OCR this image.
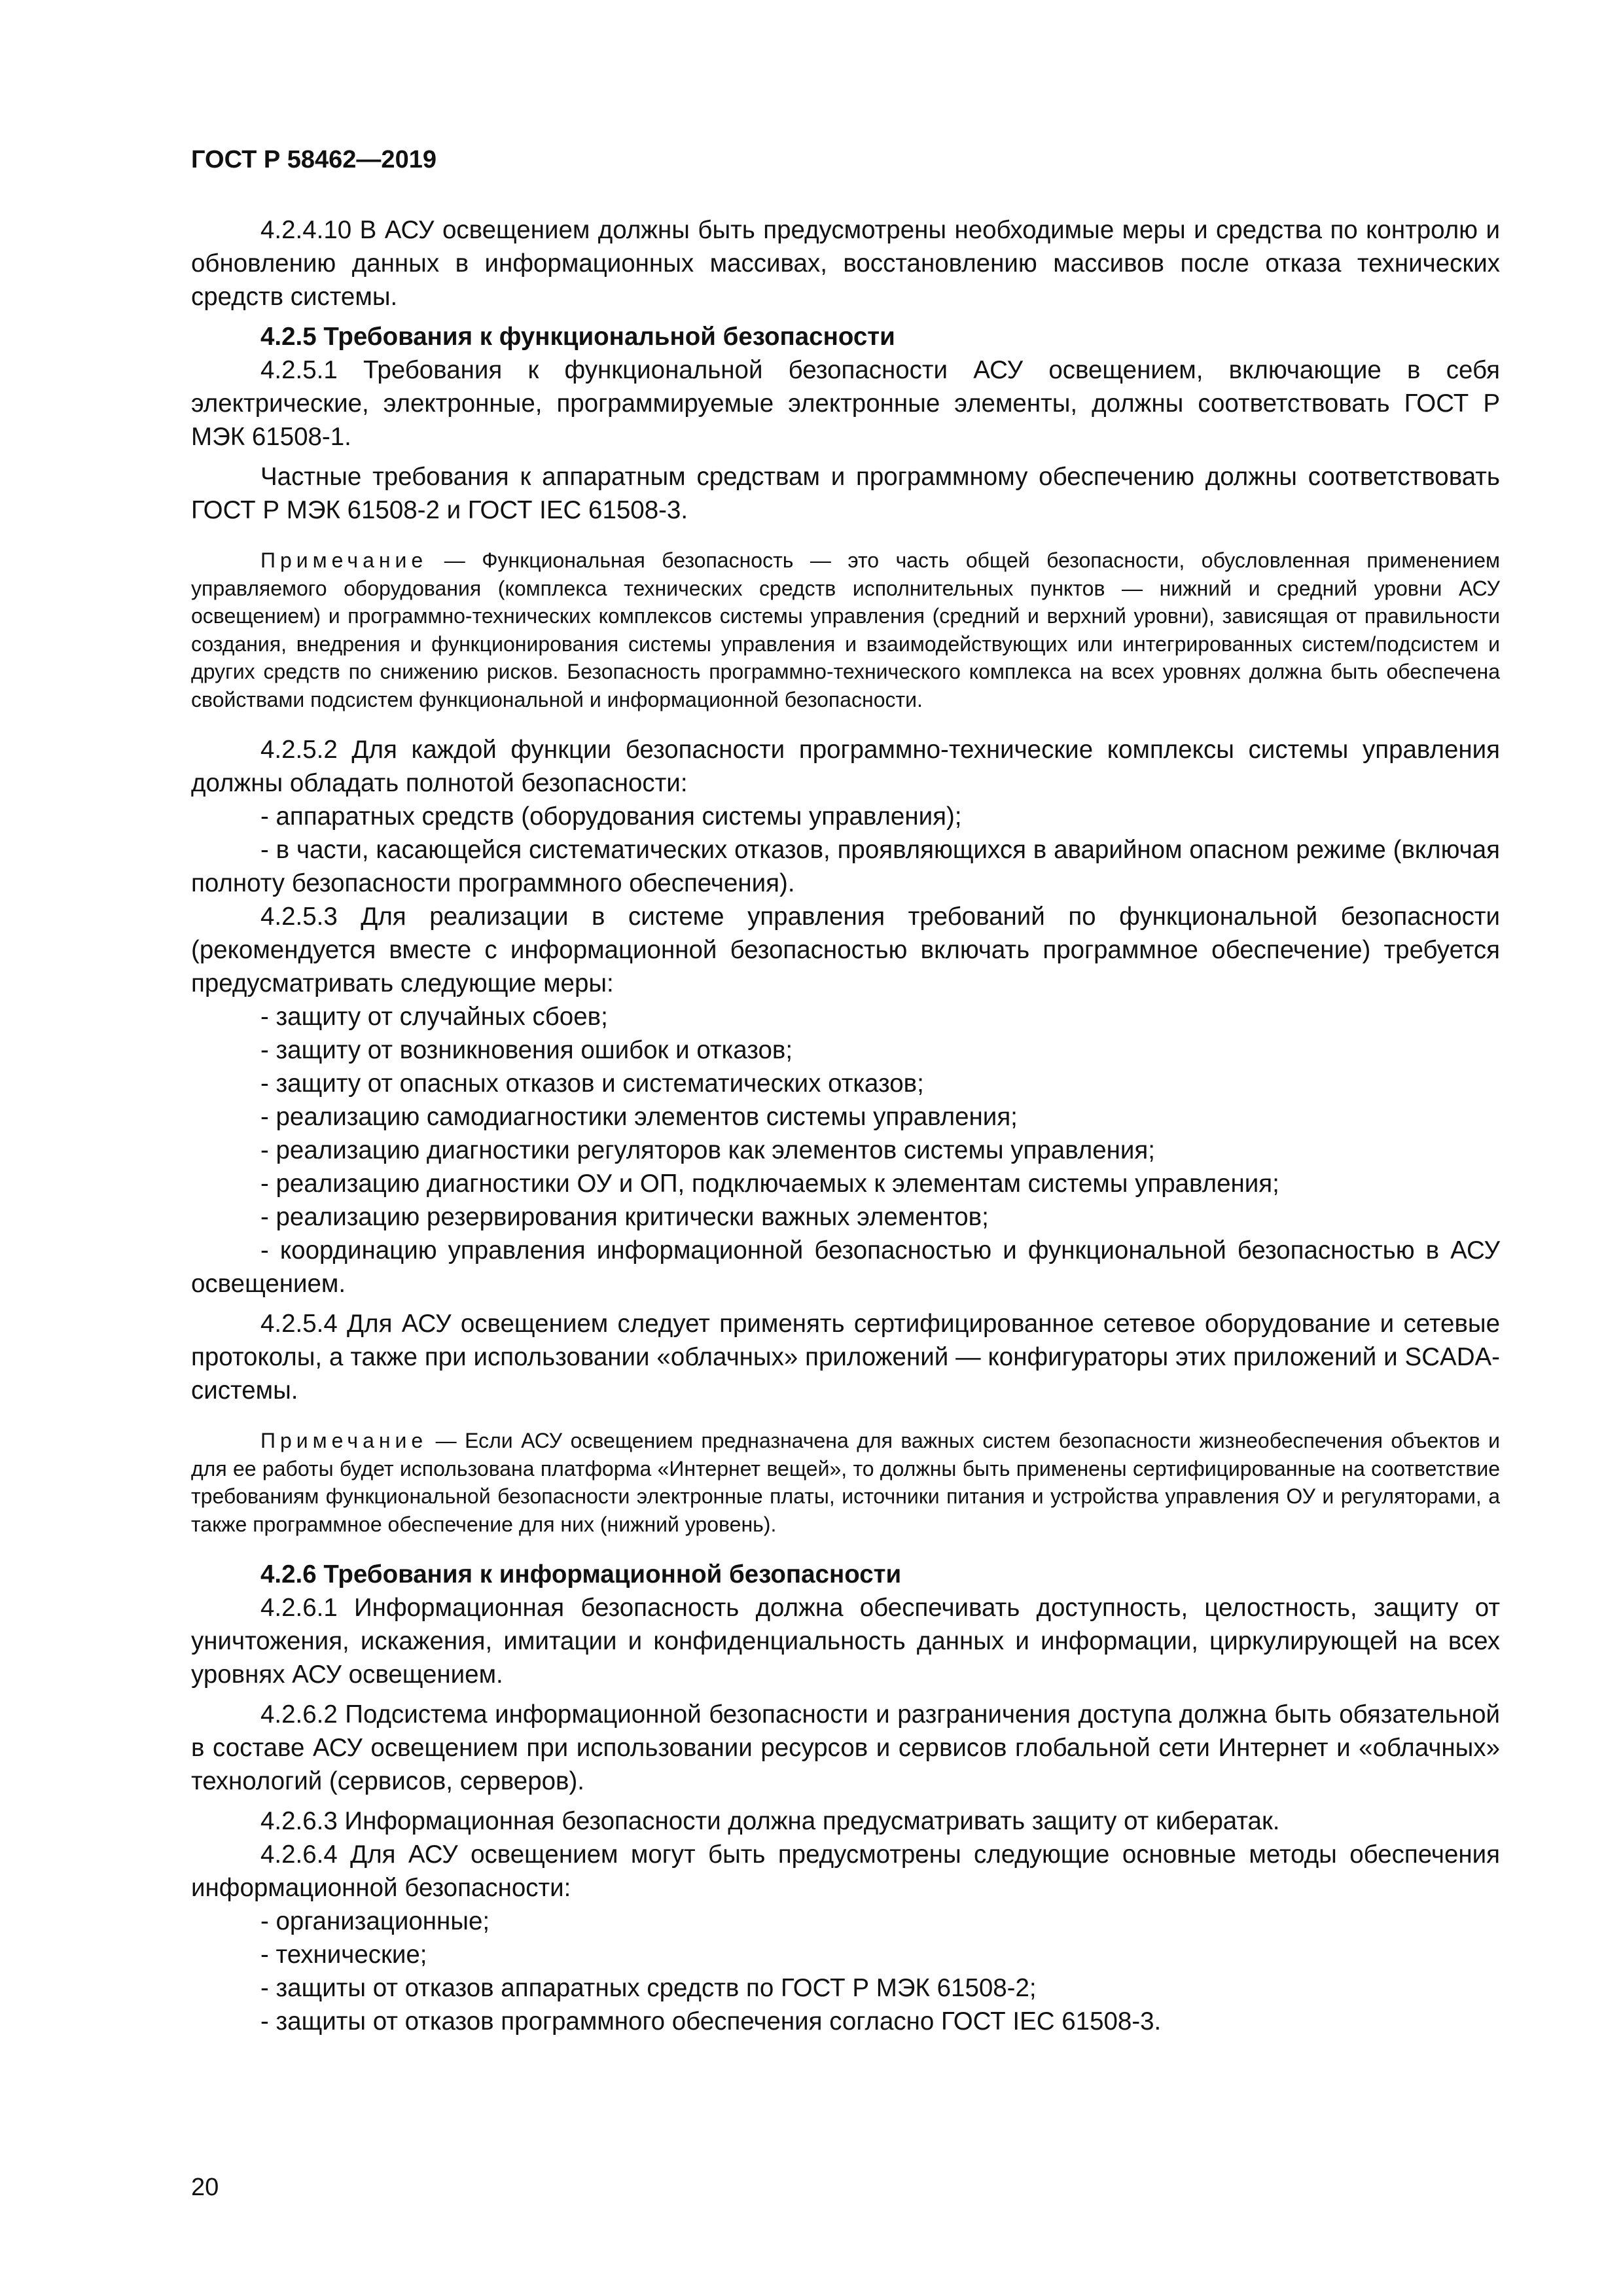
ГОСТ Р 58462—2019

4.2.4.10 В АСУ освещением должны быть предусмотрены необходимые меры и средства по контролю и обновлению данных в информационных массивах, восстановлению массивов после отказа технических средств системы.

4.2.5 Требования к функциональной безопасности

4.2.5.1 Требования к функциональной безопасности АСУ освещением, включающие в себя электрические, электронные, программируемые электронные элементы, должны соответствовать ГОСТ Р МЭК 61508-1.

Частные требования к аппаратным средствам и программному обеспечению должны соответствовать ГОСТ Р МЭК 61508-2 и ГОСТ IEC 61508-3.

Примечание — Функциональная безопасность — это часть общей безопасности, обусловленная применением управляемого оборудования (комплекса технических средств исполнительных пунктов — нижний и средний уровни АСУ освещением) и программно-технических комплексов системы управления (средний и верхний уровни), зависящая от правильности создания, внедрения и функционирования системы управления и взаимодействующих или интегрированных систем/подсистем и других средств по снижению рисков. Безопасность программно-технического комплекса на всех уровнях должна быть обеспечена свойствами подсистем функциональной и информационной безопасности.

4.2.5.2 Для каждой функции безопасности программно-технические комплексы системы управления должны обладать полнотой безопасности:

- аппаратных средств (оборудования системы управления);

- в части, касающейся систематических отказов, проявляющихся в аварийном опасном режиме (включая полноту безопасности программного обеспечения).

4.2.5.3 Для реализации в системе управления требований по функциональной безопасности (рекомендуется вместе с информационной безопасностью включать программное обеспечение) требуется предусматривать следующие меры:

- защиту от случайных сбоев;

- защиту от возникновения ошибок и отказов;

- защиту от опасных отказов и систематических отказов;

- реализацию самодиагностики элементов системы управления;

- реализацию диагностики регуляторов как элементов системы управления;

- реализацию диагностики ОУ и ОП, подключаемых к элементам системы управления;

- реализацию резервирования критически важных элементов;

- координацию управления информационной безопасностью и функциональной безопасностью в АСУ освещением.

4.2.5.4 Для АСУ освещением следует применять сертифицированное сетевое оборудование и сетевые протоколы, а также при использовании «облачных» приложений — конфигураторы этих приложений и SCADA-системы.

Примечание — Если АСУ освещением предназначена для важных систем безопасности жизнеобеспечения объектов и для ее работы будет использована платформа «Интернет вещей», то должны быть применены сертифицированные на соответствие требованиям функциональной безопасности электронные платы, источники питания и устройства управления ОУ и регуляторами, а также программное обеспечение для них (нижний уровень).

4.2.6 Требования к информационной безопасности

4.2.6.1 Информационная безопасность должна обеспечивать доступность, целостность, защиту от уничтожения, искажения, имитации и конфиденциальность данных и информации, циркулирующей на всех уровнях АСУ освещением.

4.2.6.2 Подсистема информационной безопасности и разграничения доступа должна быть обязательной в составе АСУ освещением при использовании ресурсов и сервисов глобальной сети Интернет и «облачных» технологий (сервисов, серверов).

4.2.6.3 Информационная безопасности должна предусматривать защиту от кибератак.

4.2.6.4 Для АСУ освещением могут быть предусмотрены следующие основные методы обеспечения информационной безопасности:

- организационные;

- технические;

- защиты от отказов аппаратных средств по ГОСТ Р МЭК 61508-2;

- защиты от отказов программного обеспечения согласно ГОСТ IEC 61508-3.

20
